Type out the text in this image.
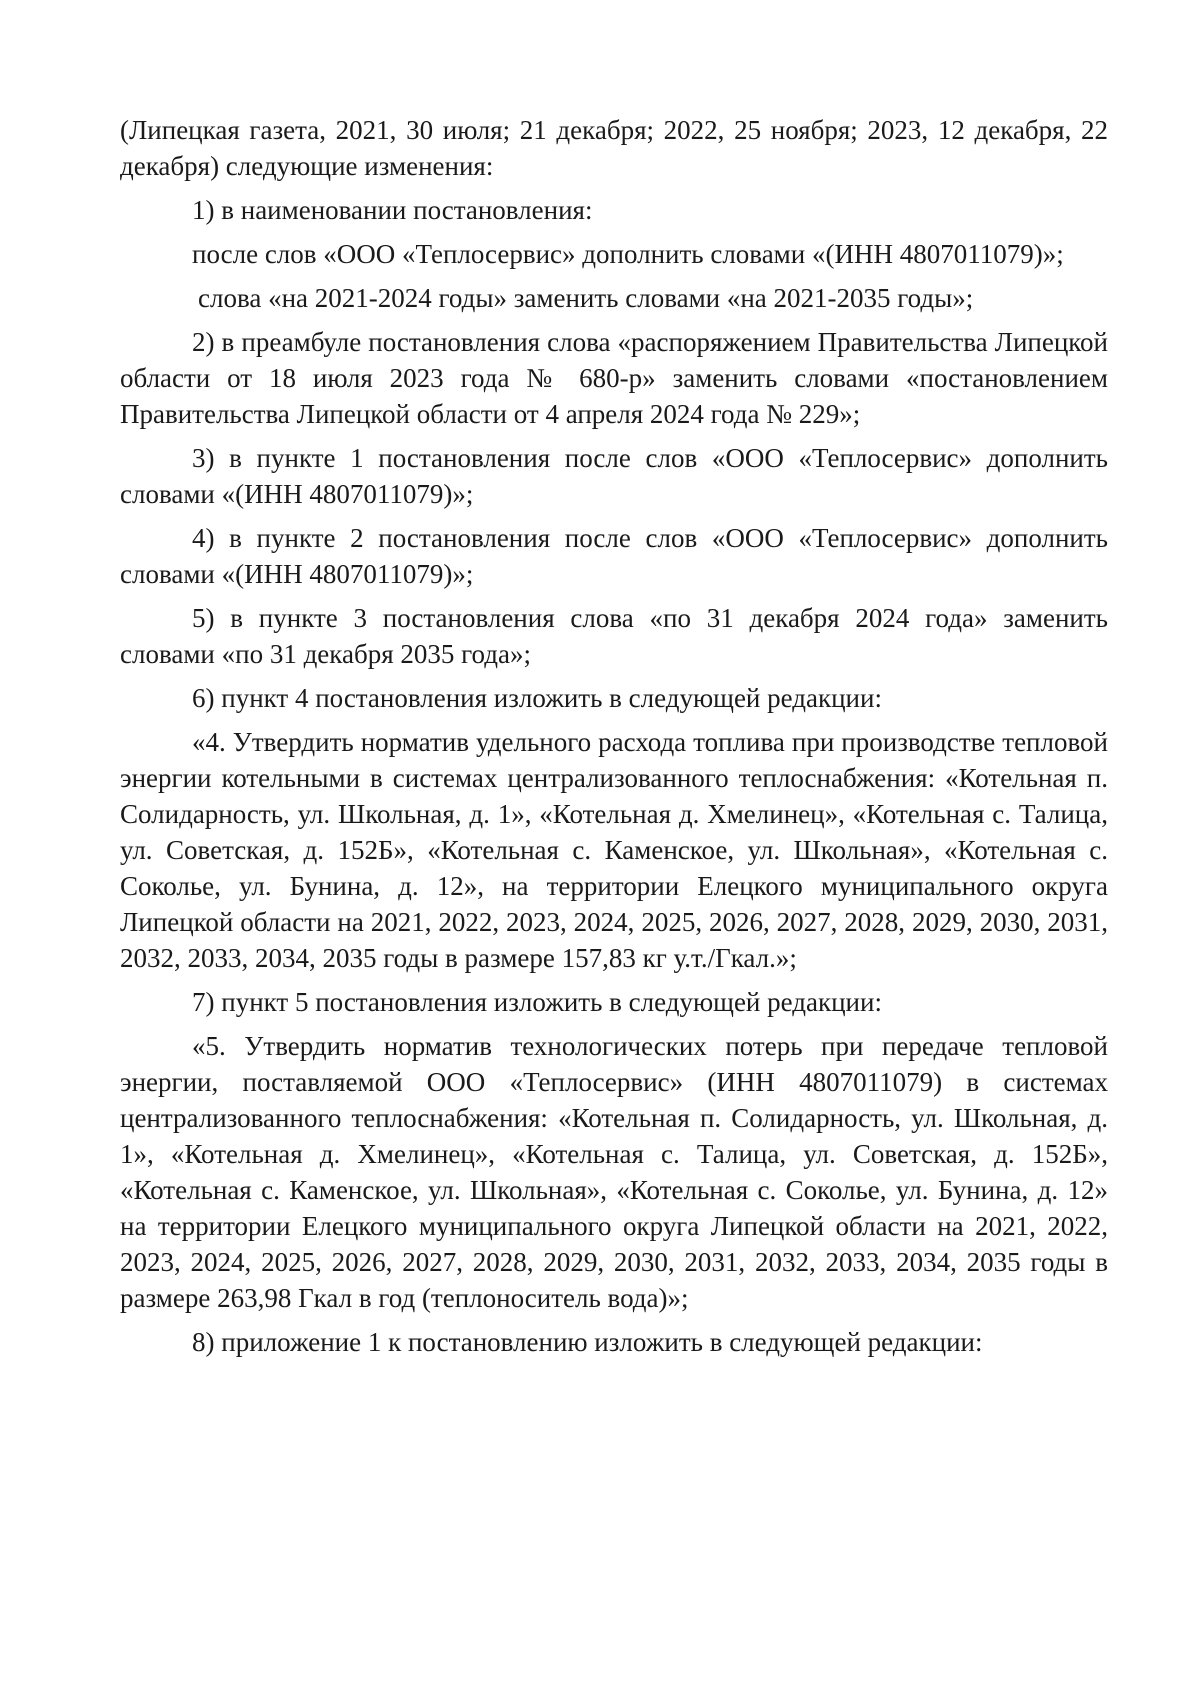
(Липецкая газета, 2021, 30 июля; 21 декабря; 2022, 25 ноября; 2023, 12 декабря, 22 декабря) следующие изменения:

1) в наименовании постановления:

после слов «ООО «Теплосервис» дополнить словами «(ИНН 4807011079)»;

слова «на 2021-2024 годы» заменить словами «на 2021-2035 годы»;

2) в преамбуле постановления слова «распоряжением Правительства Липецкой области от 18 июля 2023 года № 680-р» заменить словами «постановлением Правительства Липецкой области от 4 апреля 2024 года № 229»;

3) в пункте 1 постановления после слов «ООО «Теплосервис» дополнить словами «(ИНН 4807011079)»;

4) в пункте 2 постановления после слов «ООО «Теплосервис» дополнить словами «(ИНН 4807011079)»;

5) в пункте 3 постановления слова «по 31 декабря 2024 года» заменить словами «по 31 декабря 2035 года»;

6) пункт 4 постановления изложить в следующей редакции:

«4. Утвердить норматив удельного расхода топлива при производстве тепловой энергии котельными в системах централизованного теплоснабжения: «Котельная п. Солидарность, ул. Школьная, д. 1», «Котельная д. Хмелинец», «Котельная с. Талица, ул. Советская, д. 152Б», «Котельная с. Каменское, ул. Школьная», «Котельная с. Соколье, ул. Бунина, д. 12», на территории Елецкого муниципального округа Липецкой области на 2021, 2022, 2023, 2024, 2025, 2026, 2027, 2028, 2029, 2030, 2031, 2032, 2033, 2034, 2035 годы в размере 157,83 кг у.т./Гкал.»;

7) пункт 5 постановления изложить в следующей редакции:

«5. Утвердить норматив технологических потерь при передаче тепловой энергии, поставляемой ООО «Теплосервис» (ИНН 4807011079) в системах централизованного теплоснабжения: «Котельная п. Солидарность, ул. Школьная, д. 1», «Котельная д. Хмелинец», «Котельная с. Талица, ул. Советская, д. 152Б», «Котельная с. Каменское, ул. Школьная», «Котельная с. Соколье, ул. Бунина, д. 12» на территории Елецкого муниципального округа Липецкой области на 2021, 2022, 2023, 2024, 2025, 2026, 2027, 2028, 2029, 2030, 2031, 2032, 2033, 2034, 2035 годы в размере 263,98 Гкал в год (теплоноситель вода)»;

8) приложение 1 к постановлению изложить в следующей редакции:
